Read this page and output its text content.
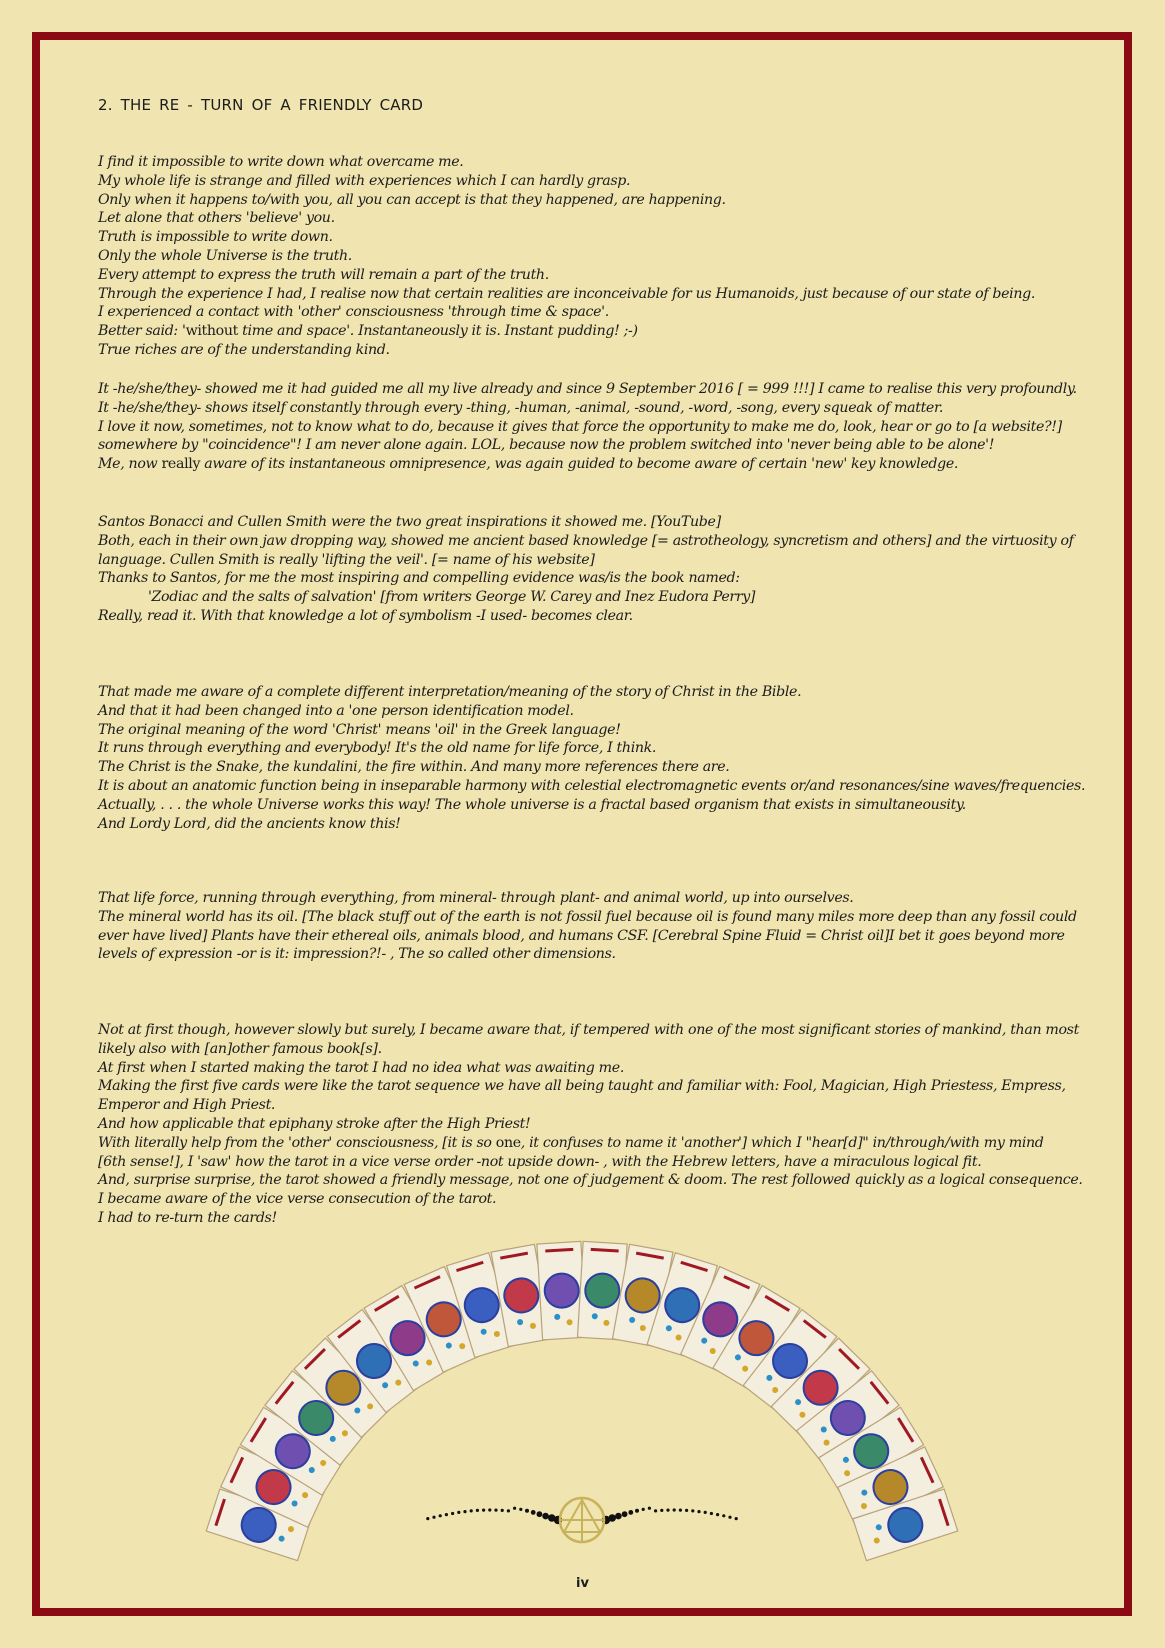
2. THE RE - TURN OF A FRIENDLY CARD
I find it impossible to write down what overcame me.
My whole life is strange and filled with experiences which I can hardly grasp.
Only when it happens to/with you, all you can accept is that they happened, are happening.
Let alone that others 'believe' you.
Truth is impossible to write down.
Only the whole Universe is the truth.
Every attempt to express the truth will remain a part of the truth.
Through the experience I had, I realise now that certain realities are inconceivable for us Humanoids, just because of our state of being.
I experienced a contact with 'other' consciousness 'through time & space'.
Better said: 'without time and space'. Instantaneously it is. Instant pudding! ;-)
True riches are of the understanding kind.
It -he/she/they- showed me it had guided me all my live already and since 9 September 2016 [ = 999 !!!] I came to realise this very profoundly.
It -he/she/they- shows itself constantly through every -thing, -human, -animal, -sound, -word, -song, every squeak of matter.
I love it now, sometimes, not to know what to do, because it gives that force the opportunity to make me do, look, hear or go to [a website?!]
somewhere by "coincidence"! I am never alone again. LOL, because now the problem switched into 'never being able to be alone'!
Me, now really aware of its instantaneous omnipresence, was again guided to become aware of certain 'new' key knowledge.
Santos Bonacci and Cullen Smith were the two great inspirations it showed me. [YouTube]
Both, each in their own jaw dropping way, showed me ancient based knowledge [= astrotheology, syncretism and others] and the virtuosity of
language. Cullen Smith is really 'lifting the veil'. [= name of his website]
Thanks to Santos, for me the most inspiring and compelling evidence was/is the book named:
'Zodiac and the salts of salvation' [from writers George W. Carey and Inez Eudora Perry]
Really, read it. With that knowledge a lot of symbolism -I used- becomes clear.
That made me aware of a complete different interpretation/meaning of the story of Christ in the Bible.
And that it had been changed into a 'one person identification model.
The original meaning of the word 'Christ' means 'oil' in the Greek language!
It runs through everything and everybody! It's the old name for life force, I think.
The Christ is the Snake, the kundalini, the fire within. And many more references there are.
It is about an anatomic function being in inseparable harmony with celestial electromagnetic events or/and resonances/sine waves/frequencies.
Actually, . . . the whole Universe works this way! The whole universe is a fractal based organism that exists in simultaneousity.
And Lordy Lord, did the ancients know this!
That life force, running through everything, from mineral- through plant- and animal world, up into ourselves.
The mineral world has its oil. [The black stuff out of the earth is not fossil fuel because oil is found many miles more deep than any fossil could
ever have lived] Plants have their ethereal oils, animals blood, and humans CSF. [Cerebral Spine Fluid = Christ oil]I bet it goes beyond more
levels of expression -or is it: impression?!- , The so called other dimensions.
Not at first though, however slowly but surely, I became aware that, if tempered with one of the most significant stories of mankind, than most
likely also with [an]other famous book[s].
At first when I started making the tarot I had no idea what was awaiting me.
Making the first five cards were like the tarot sequence we have all being taught and familiar with: Fool, Magician, High Priestess, Empress,
Emperor and High Priest.
And how applicable that epiphany stroke after the High Priest!
With literally help from the 'other' consciousness, [it is so one, it confuses to name it 'another'] which I "hear[d]" in/through/with my mind
[6th sense!], I 'saw' how the tarot in a vice verse order -not upside down- , with the Hebrew letters, have a miraculous logical fit.
And, surprise surprise, the tarot showed a friendly message, not one of judgement & doom. The rest followed quickly as a logical consequence.
I became aware of the vice verse consecution of the tarot.
I had to re-turn the cards!
iv
